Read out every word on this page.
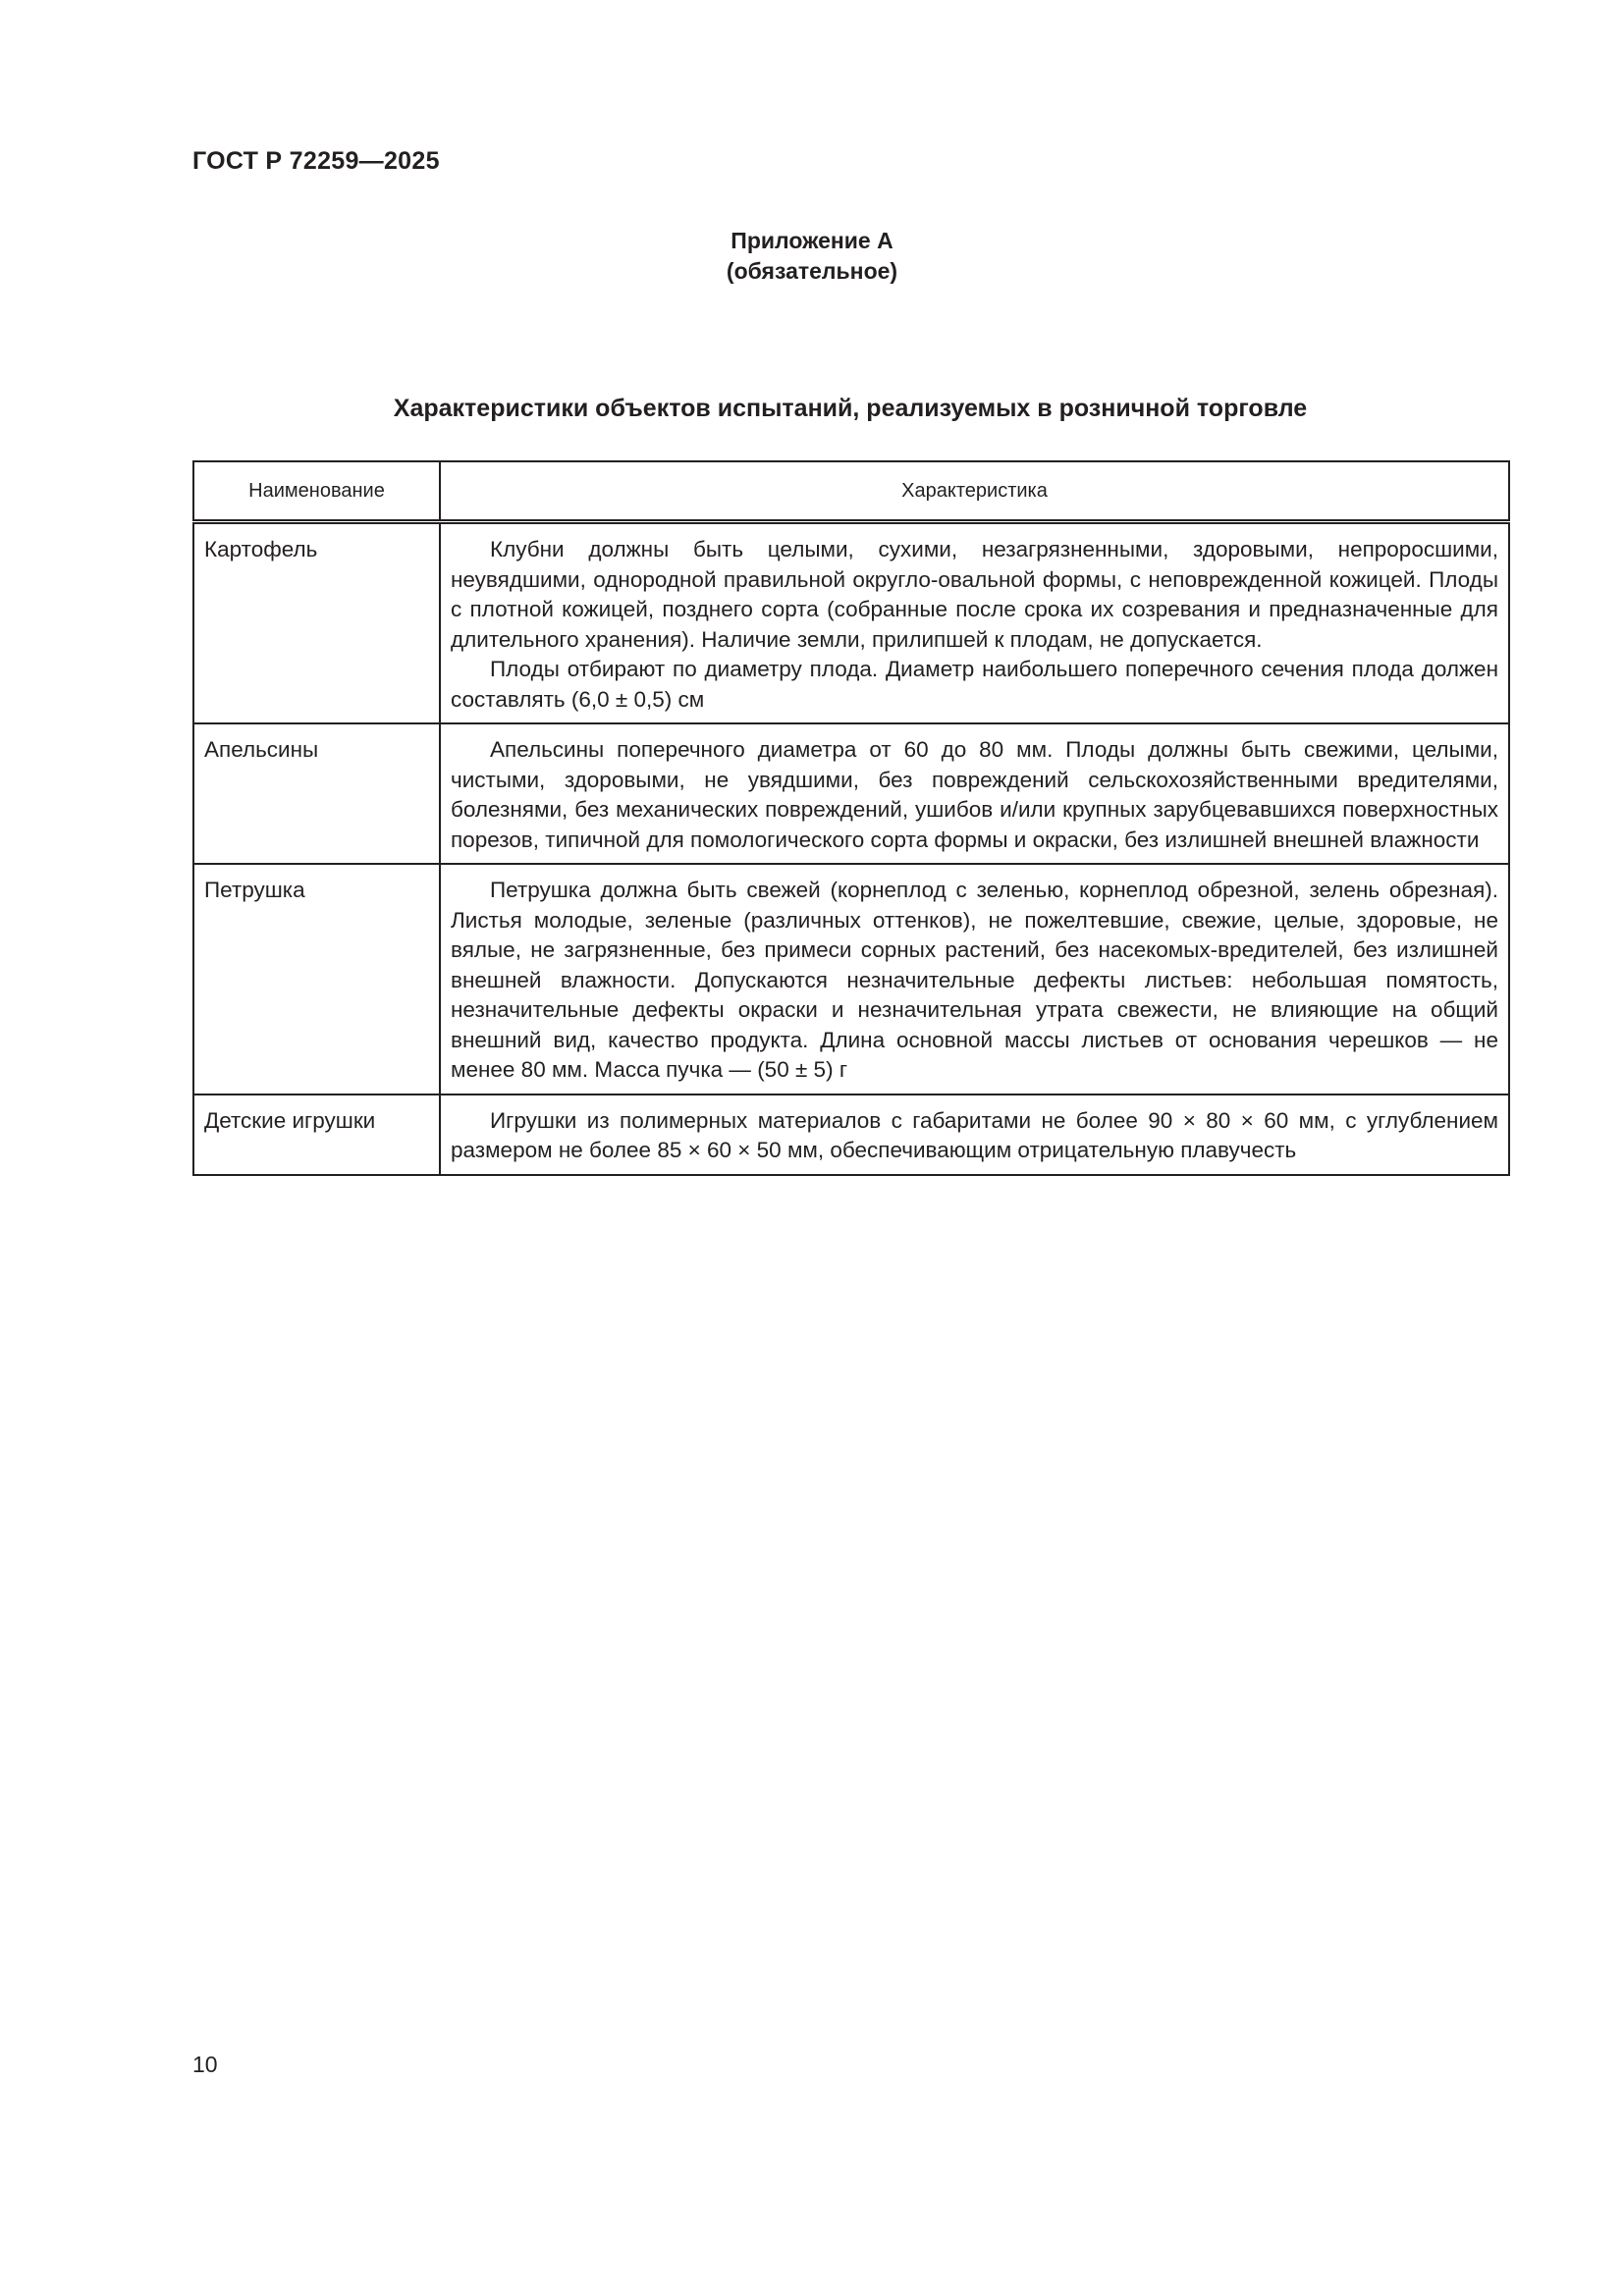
ГОСТ Р 72259—2025
Приложение А
(обязательное)
Характеристики объектов испытаний, реализуемых в розничной торговле
Наименование	Характеристика
Картофель	Клубни должны быть целыми, сухими, незагрязненными, здоровыми, непроросшими, неувядшими, однородной правильной округло-овальной формы, с неповрежденной кожицей. Плоды с плотной кожицей, позднего сорта (собранные после срока их созревания и предназначенные для длительного хранения). Наличие земли, прилипшей к плодам, не допускается.

Плоды отбирают по диаметру плода. Диаметр наибольшего поперечного сечения плода должен составлять (6,0 ± 0,5) см

Апельсины	Апельсины поперечного диаметра от 60 до 80 мм. Плоды должны быть свежими, целыми, чистыми, здоровыми, не увядшими, без повреждений сельскохозяйственными вредителями, болезнями, без механических повреждений, ушибов и/или крупных зарубцевавшихся поверхностных порезов, типичной для помологического сорта формы и окраски, без излишней внешней влажности

Петрушка	Петрушка должна быть свежей (корнеплод с зеленью, корнеплод обрезной, зелень обрезная). Листья молодые, зеленые (различных оттенков), не пожелтевшие, свежие, целые, здоровые, не вялые, не загрязненные, без примеси сорных растений, без насекомых-вредителей, без излишней внешней влажности. Допускаются незначительные дефекты листьев: небольшая помятость, незначительные дефекты окраски и незначительная утрата свежести, не влияющие на общий внешний вид, качество продукта. Длина основной массы листьев от основания черешков — не менее 80 мм. Масса пучка — (50 ± 5) г

Детские игрушки	Игрушки из полимерных материалов с габаритами не более 90 × 80 × 60 мм, с углублением размером не более 85 × 60 × 50 мм, обеспечивающим отрицательную плавучесть

10
